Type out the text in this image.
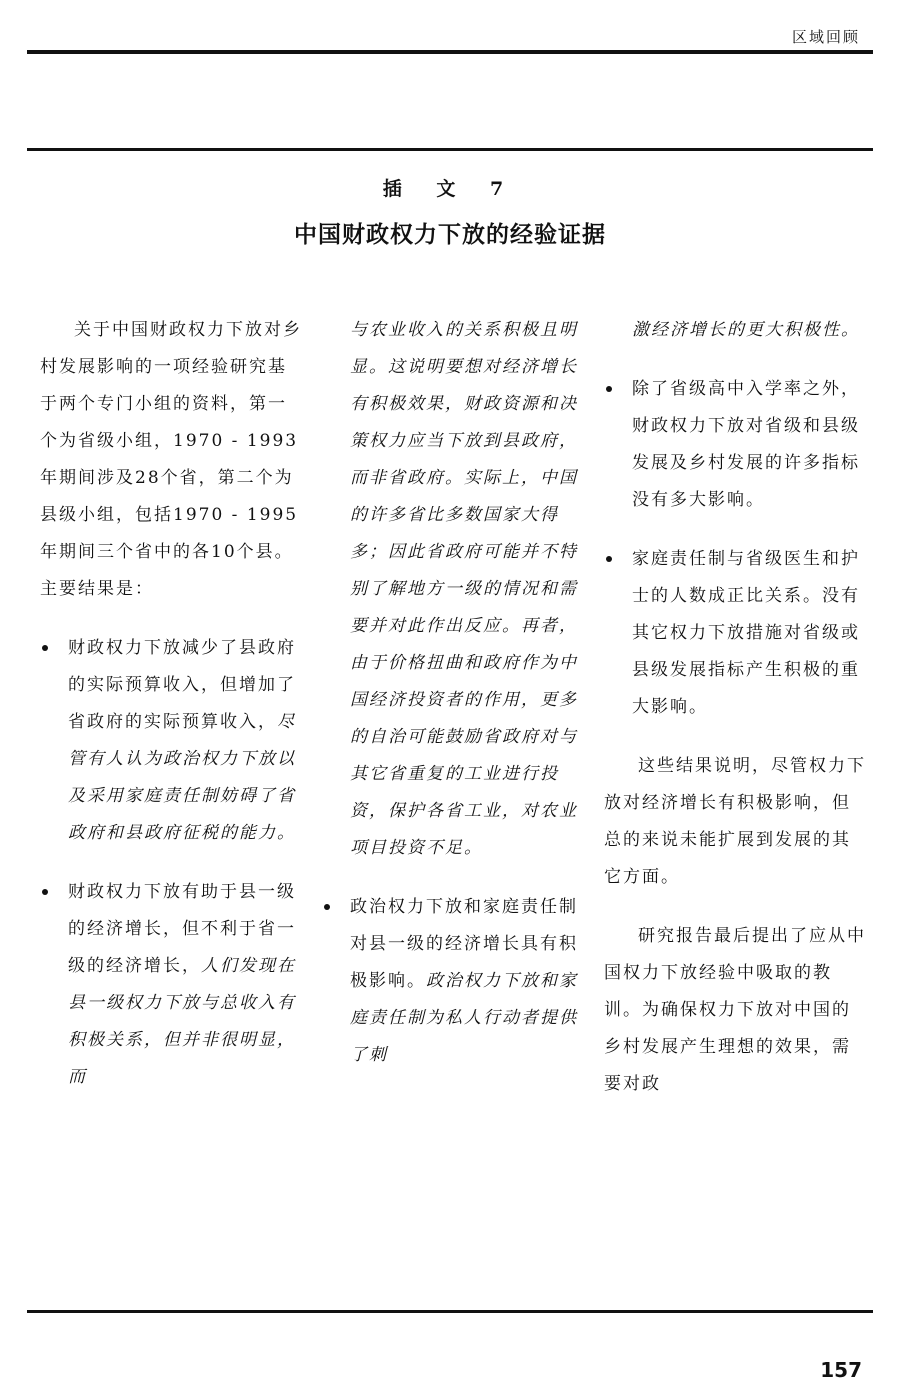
区域回顾
插 文 7
中国财政权力下放的经验证据

关于中国财政权力下放对乡村发展影响的一项经验研究基于两个专门小组的资料，第一个为省级小组，1970 - 1993年期间涉及28个省，第二个为县级小组，包括1970 - 1995年期间三个省中的各10个县。主要结果是：

财政权力下放减少了县政府的实际预算收入，但增加了省政府的实际预算收入，尽管有人认为政治权力下放以及采用家庭责任制妨碍了省政府和县政府征税的能力。

财政权力下放有助于县一级的经济增长，但不利于省一级的经济增长，人们发现在县一级权力下放与总收入有积极关系，但并非很明显，而

与农业收入的关系积极且明显。这说明要想对经济增长有积极效果，财政资源和决策权力应当下放到县政府，而非省政府。实际上，中国的许多省比多数国家大得多；因此省政府可能并不特别了解地方一级的情况和需要并对此作出反应。再者，由于价格扭曲和政府作为中国经济投资者的作用，更多的自治可能鼓励省政府对与其它省重复的工业进行投资，保护各省工业，对农业项目投资不足。

政治权力下放和家庭责任制对县一级的经济增长具有积极影响。政治权力下放和家庭责任制为私人行动者提供了刺

激经济增长的更大积极性。

除了省级高中入学率之外，财政权力下放对省级和县级发展及乡村发展的许多指标没有多大影响。

家庭责任制与省级医生和护士的人数成正比关系。没有其它权力下放措施对省级或县级发展指标产生积极的重大影响。

这些结果说明，尽管权力下放对经济增长有积极影响，但总的来说未能扩展到发展的其它方面。

研究报告最后提出了应从中国权力下放经验中吸取的教训。为确保权力下放对中国的乡村发展产生理想的效果，需要对政

157
